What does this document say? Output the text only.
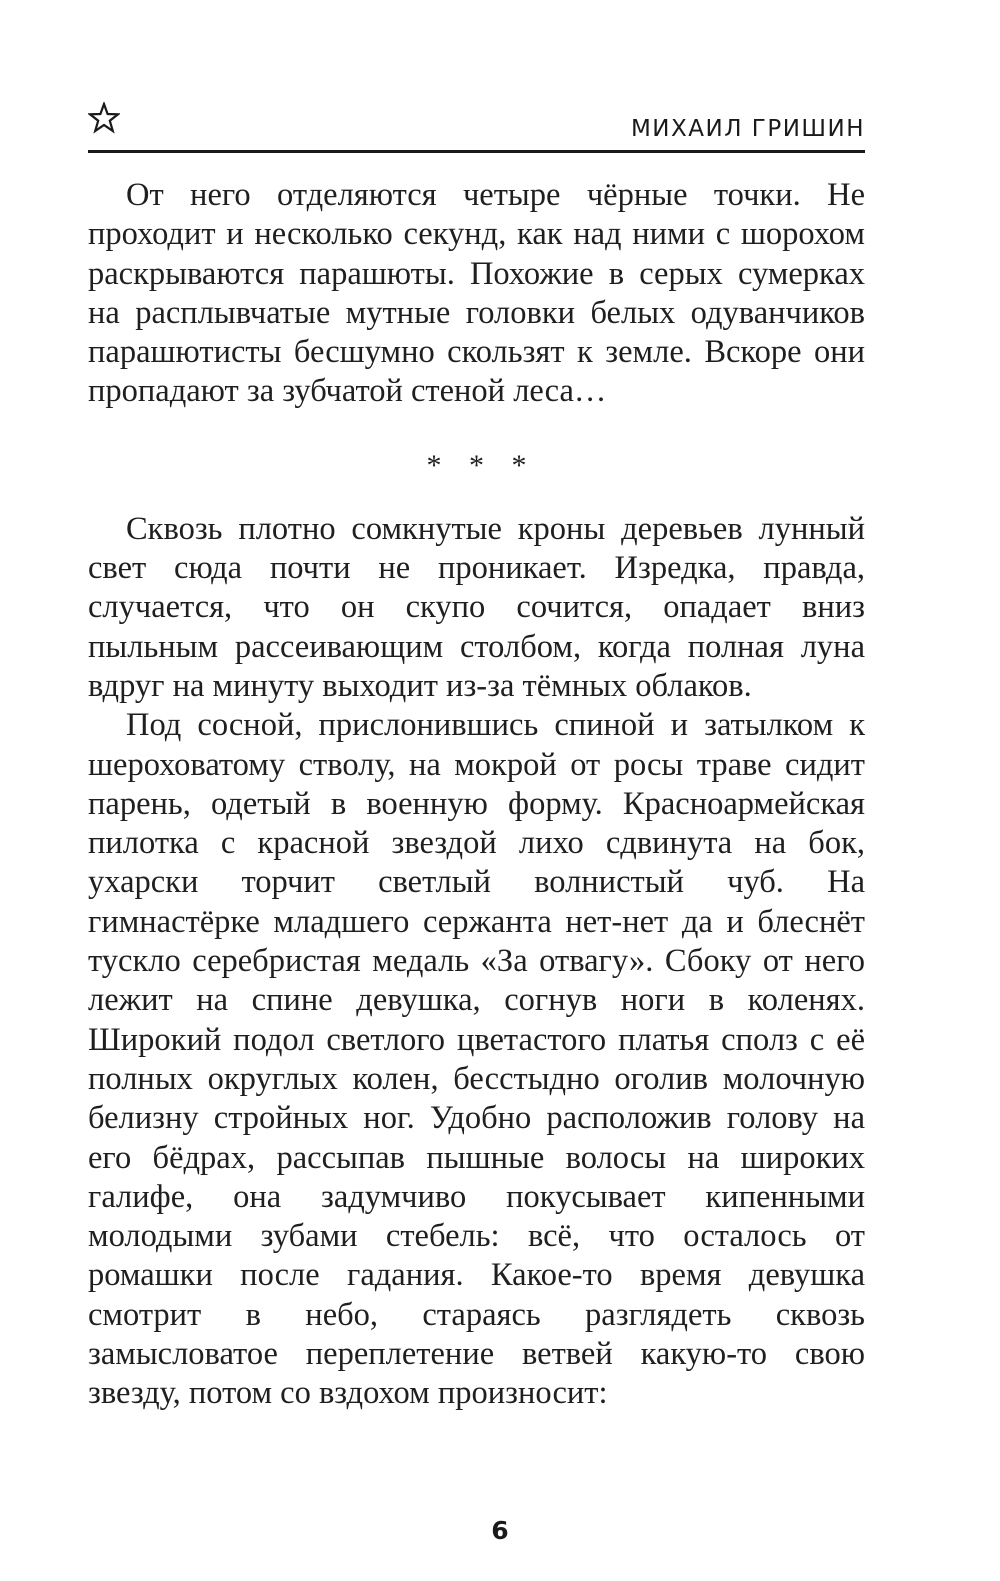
МИХАИЛ ГРИШИН

От него отделяются четыре чёрные точки. Не проходит и несколько секунд, как над ними с шорохом раскрываются парашюты. Похожие в серых сумерках на расплывчатые мутные головки белых одуванчиков парашютисты бесшумно скользят к земле. Вскоре они пропадают за зубчатой стеной леса…

* * *

Сквозь плотно сомкнутые кроны деревьев лунный свет сюда почти не проникает. Изредка, правда, случается, что он скупо сочится, опадает вниз пыльным рассеивающим столбом, когда полная луна вдруг на минуту выходит из-за тёмных облаков.

Под сосной, прислонившись спиной и затылком к шероховатому стволу, на мокрой от росы траве сидит парень, одетый в военную форму. Красноармейская пилотка с красной звездой лихо сдвинута на бок, ухарски торчит светлый волнистый чуб. На гимнастёрке младшего сержанта нет-нет да и блеснёт тускло серебристая медаль «За отвагу». Сбоку от него лежит на спине девушка, согнув ноги в коленях. Широкий подол светлого цветастого платья сполз с её полных округлых колен, бесстыдно оголив молочную белизну стройных ног. Удобно расположив голову на его бёдрах, рассыпав пышные волосы на широких галифе, она задумчиво покусывает кипенными молодыми зубами стебель: всё, что осталось от ромашки после гадания. Какое-то время девушка смотрит в небо, стараясь разглядеть сквозь замысловатое переплетение ветвей какую-то свою звезду, потом со вздохом произносит:

6
